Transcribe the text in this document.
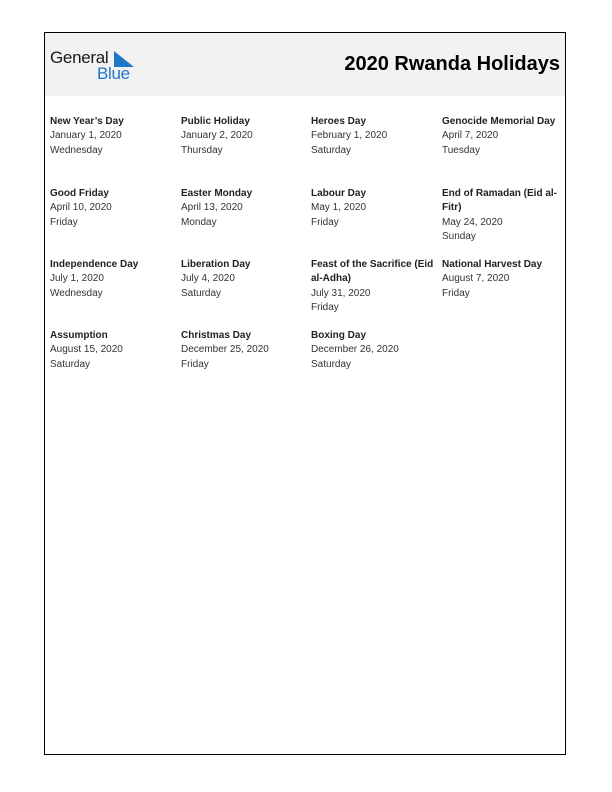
General
Blue	2020 Rwanda Holidays
New Year’s Day
January 1, 2020
Wednesday
Public Holiday
January 2, 2020
Thursday
Heroes Day
February 1, 2020
Saturday
Genocide Memorial Day
April 7, 2020
Tuesday
Good Friday
April 10, 2020
Friday
Easter Monday
April 13, 2020
Monday
Labour Day
May 1, 2020
Friday
End of Ramadan (Eid al-Fitr)
May 24, 2020
Sunday
Independence Day
July 1, 2020
Wednesday
Liberation Day
July 4, 2020
Saturday
Feast of the Sacrifice (Eid al-Adha)
July 31, 2020
Friday
National Harvest Day
August 7, 2020
Friday
Assumption
August 15, 2020
Saturday
Christmas Day
December 25, 2020
Friday
Boxing Day
December 26, 2020
Saturday
